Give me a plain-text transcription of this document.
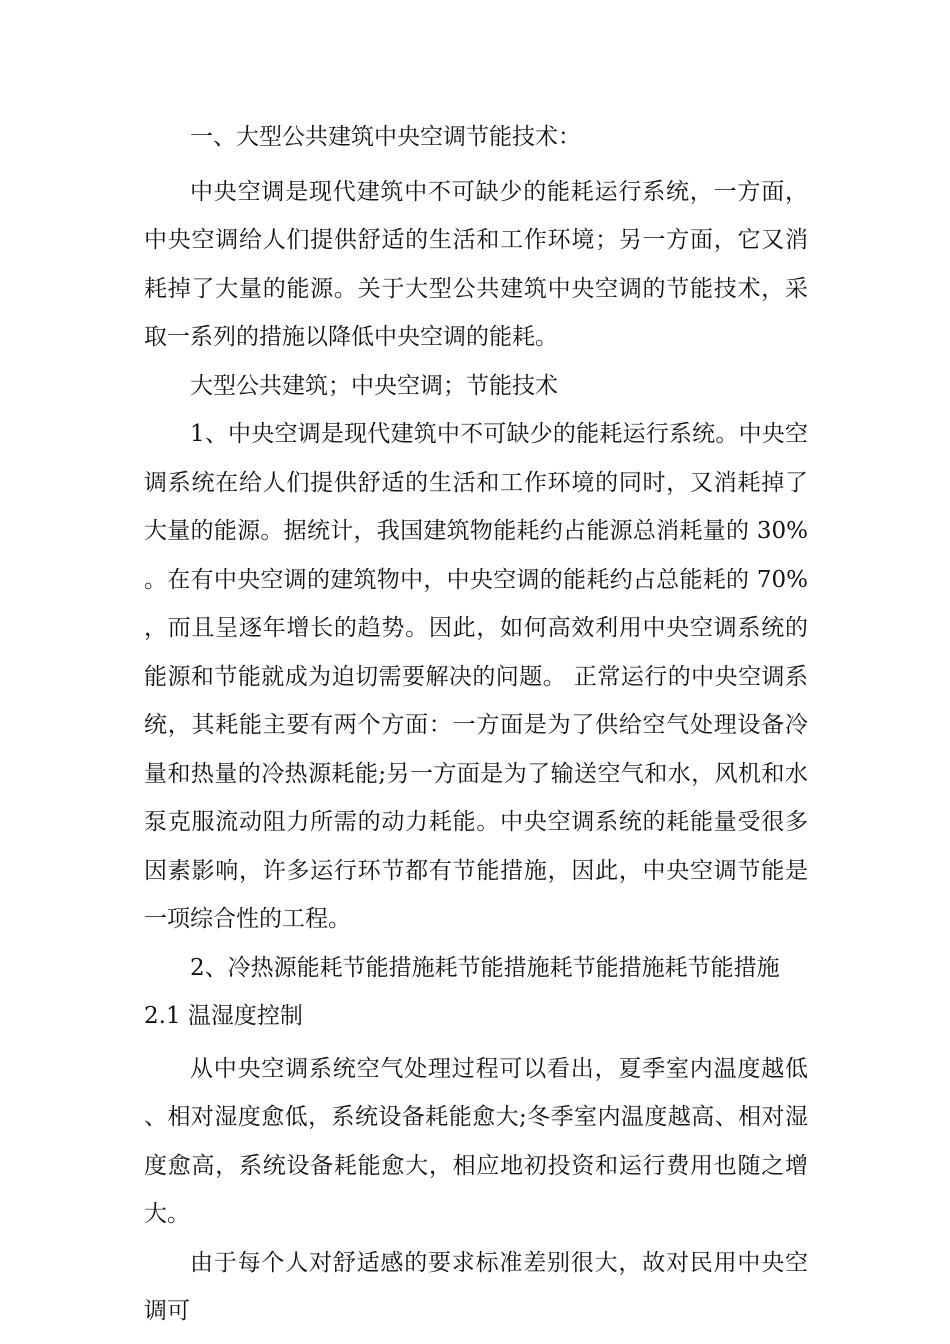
一、大型公共建筑中央空调节能技术：

中央空调是现代建筑中不可缺少的能耗运行系统，一方面，中央空调给人们提供舒适的生活和工作环境；另一方面，它又消耗掉了大量的能源。关于大型公共建筑中央空调的节能技术，采取一系列的措施以降低中央空调的能耗。

大型公共建筑；中央空调；节能技术

1、中央空调是现代建筑中不可缺少的能耗运行系统。中央空调系统在给人们提供舒适的生活和工作环境的同时，又消耗掉了大量的能源。据统计，我国建筑物能耗约占能源总消耗量的 30%。在有中央空调的建筑物中，中央空调的能耗约占总能耗的 70%，而且呈逐年增长的趋势。因此，如何高效利用中央空调系统的能源和节能就成为迫切需要解决的问题。 正常运行的中央空调系统，其耗能主要有两个方面：一方面是为了供给空气处理设备冷量和热量的冷热源耗能;另一方面是为了输送空气和水，风机和水泵克服流动阻力所需的动力耗能。中央空调系统的耗能量受很多因素影响，许多运行环节都有节能措施，因此，中央空调节能是一项综合性的工程。

2、冷热源能耗节能措施耗节能措施耗节能措施耗节能措施

2.1 温湿度控制

从中央空调系统空气处理过程可以看出，夏季室内温度越低、相对湿度愈低，系统设备耗能愈大;冬季室内温度越高、相对湿度愈高，系统设备耗能愈大，相应地初投资和运行费用也随之增大。

由于每个人对舒适感的要求标准差别很大，故对民用中央空调可
